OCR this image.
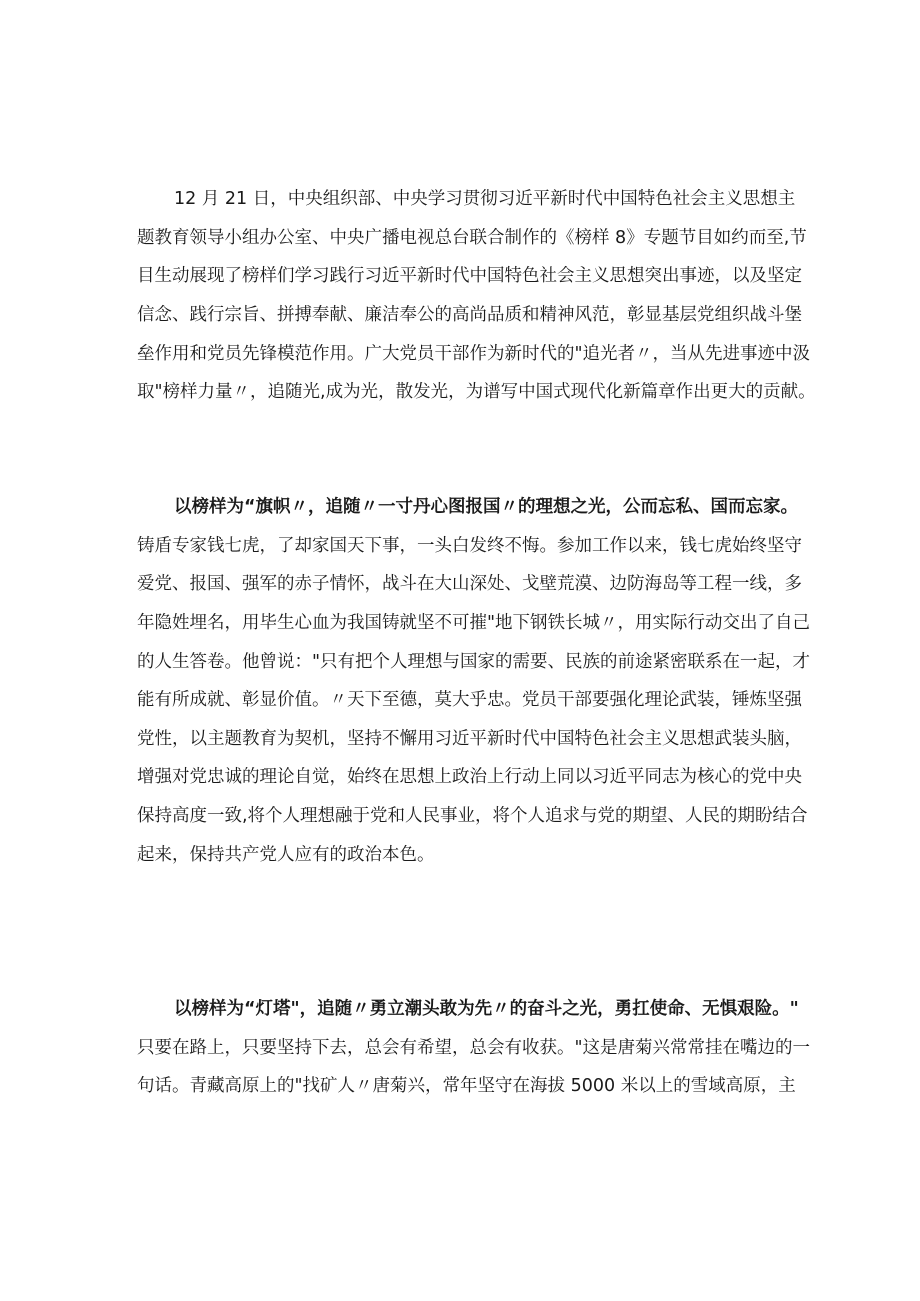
12 月 21 日，中央组织部、中央学习贯彻习近平新时代中国特色社会主义思想主
题教育领导小组办公室、中央广播电视总台联合制作的《榜样 8》专题节目如约而至,节
目生动展现了榜样们学习践行习近平新时代中国特色社会主义思想突出事迹，以及坚定
信念、践行宗旨、拼搏奉献、廉洁奉公的高尚品质和精神风范，彰显基层党组织战斗堡
垒作用和党员先锋模范作用。广大党员干部作为新时代的"追光者〃，当从先进事迹中汲
取"榜样力量〃，追随光,成为光，散发光，为谱写中国式现代化新篇章作出更大的贡献。
以榜样为“旗帜〃，追随〃一寸丹心图报国〃的理想之光，公而忘私、国而忘家。
铸盾专家钱七虎，了却家国天下事，一头白发终不悔。参加工作以来，钱七虎始终坚守
爱党、报国、强军的赤子情怀，战斗在大山深处、戈壁荒漠、边防海岛等工程一线，多
年隐姓埋名，用毕生心血为我国铸就坚不可摧"地下钢铁长城〃，用实际行动交出了自己
的人生答卷。他曾说："只有把个人理想与国家的需要、民族的前途紧密联系在一起，才
能有所成就、彰显价值。〃天下至德，莫大乎忠。党员干部要强化理论武装，锤炼坚强
党性，以主题教育为契机，坚持不懈用习近平新时代中国特色社会主义思想武装头脑，
增强对党忠诚的理论自觉，始终在思想上政治上行动上同以习近平同志为核心的党中央
保持高度一致,将个人理想融于党和人民事业，将个人追求与党的期望、人民的期盼结合
起来，保持共产党人应有的政治本色。
以榜样为“灯塔"，追随〃勇立潮头敢为先〃的奋斗之光，勇扛使命、无惧艰险。"
只要在路上，只要坚持下去，总会有希望，总会有收获。"这是唐菊兴常常挂在嘴边的一
句话。青藏高原上的"找矿人〃唐菊兴，常年坚守在海拔 5000 米以上的雪域高原，主
